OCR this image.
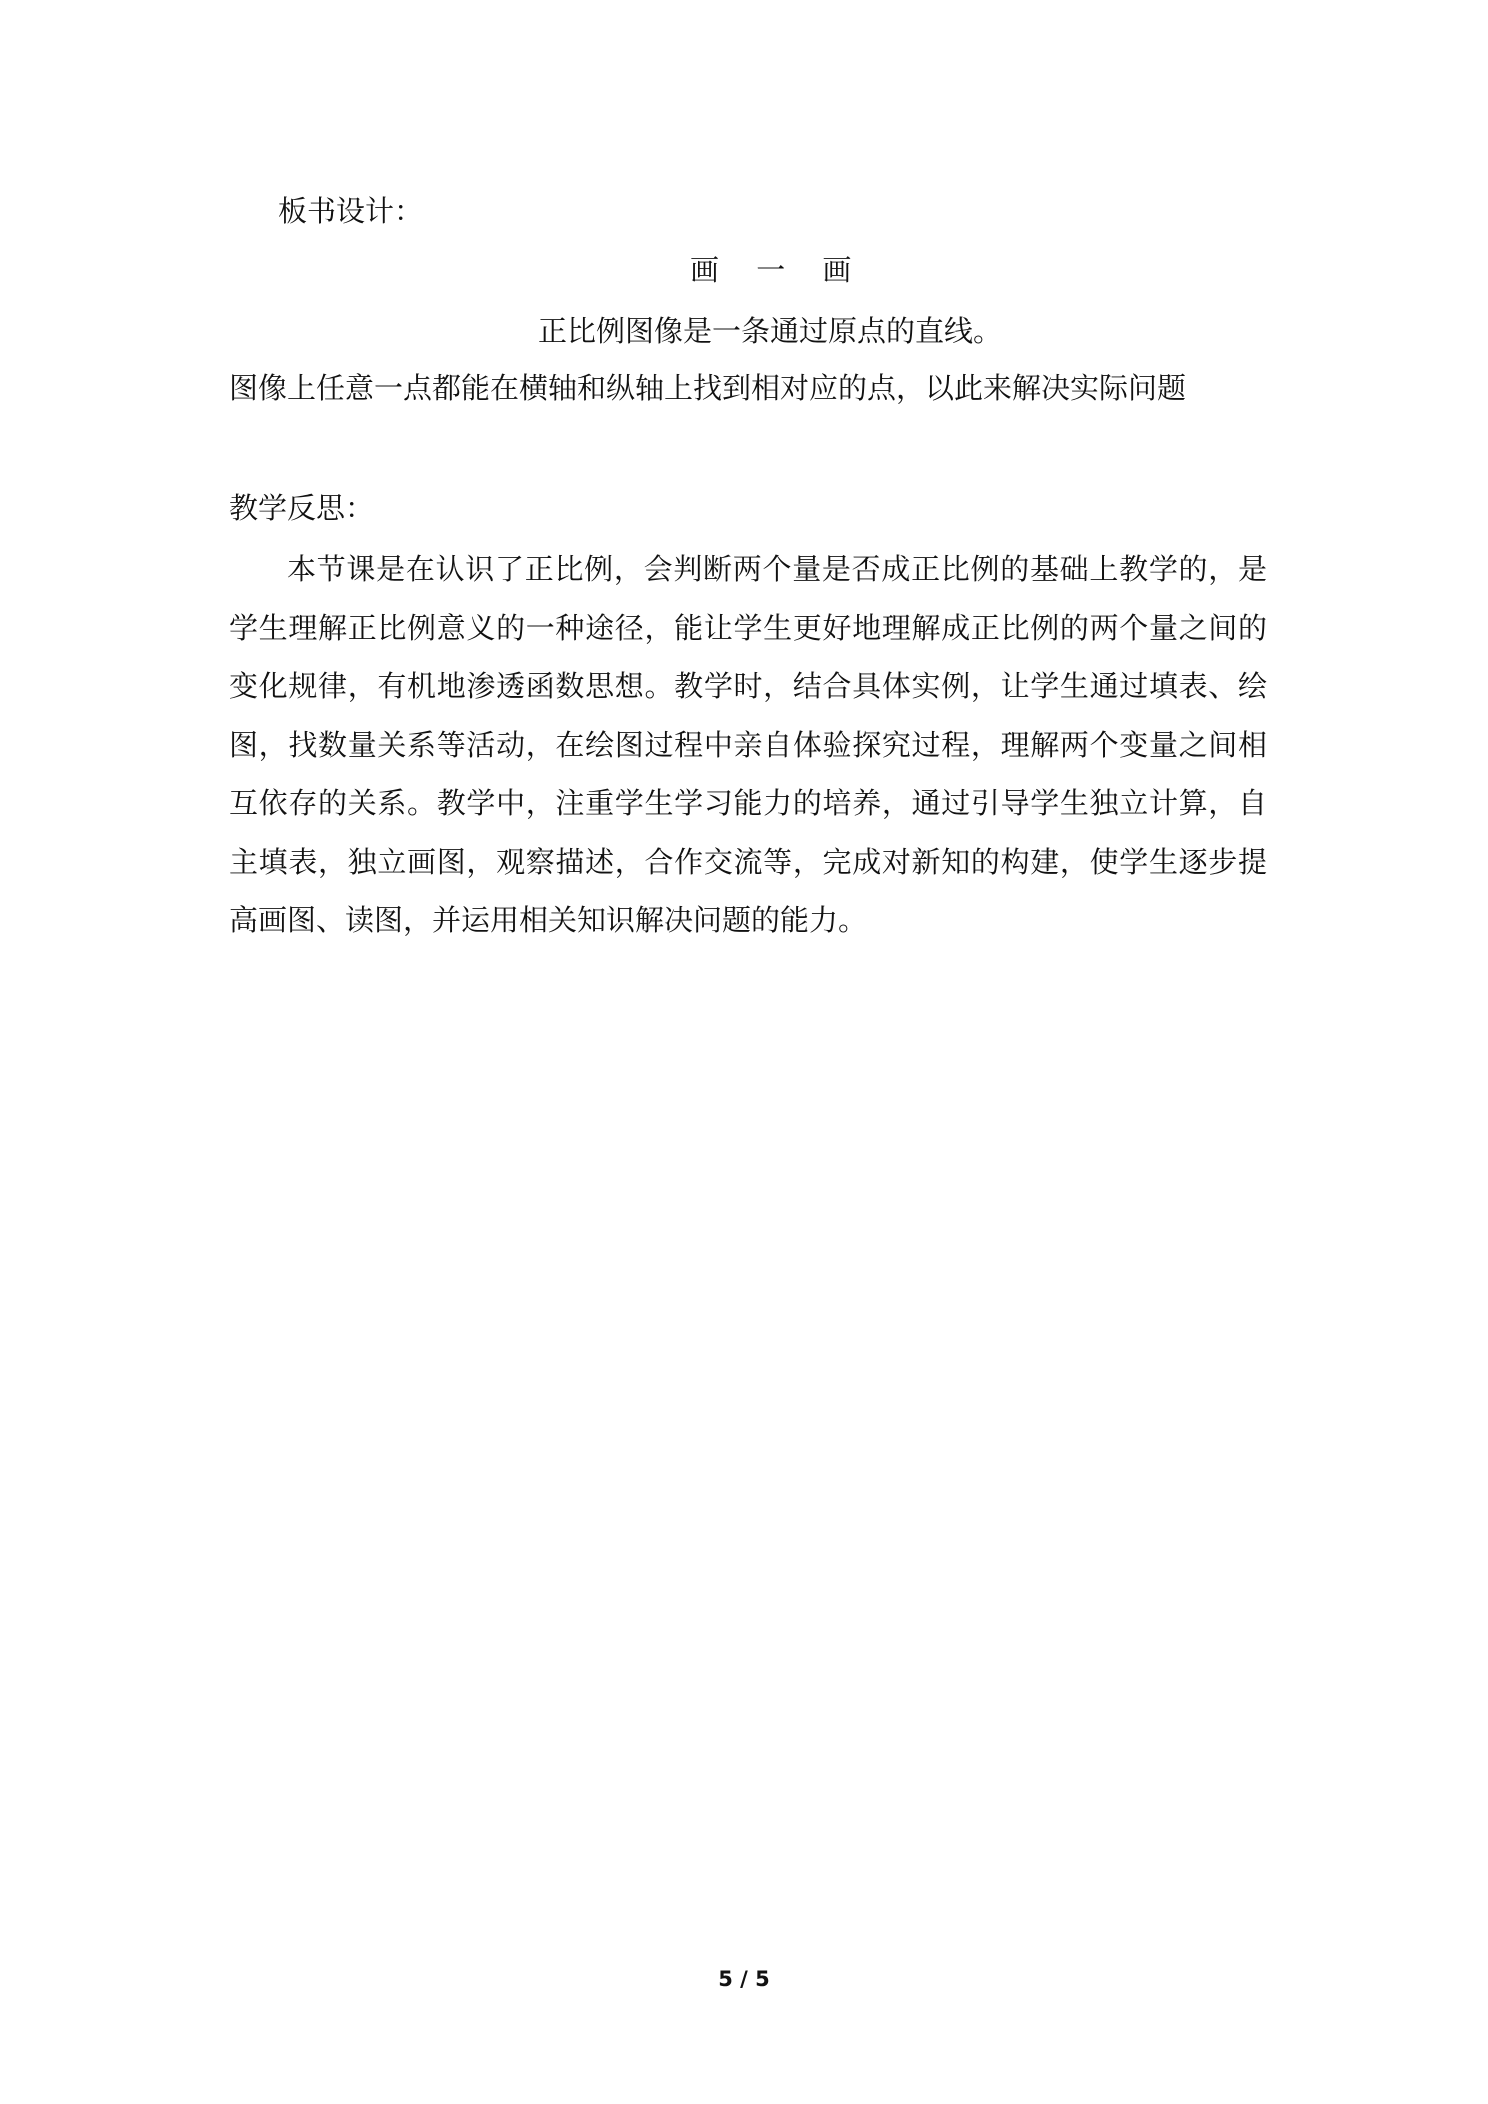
板书设计：
画 一 画
正比例图像是一条通过原点的直线。
图像上任意一点都能在横轴和纵轴上找到相对应的点，以此来解决实际问题
教学反思：
本节课是在认识了正比例，会判断两个量是否成正比例的基础上教学的，是
学生理解正比例意义的一种途径，能让学生更好地理解成正比例的两个量之间的
变化规律，有机地渗透函数思想。教学时，结合具体实例，让学生通过填表、绘
图，找数量关系等活动，在绘图过程中亲自体验探究过程，理解两个变量之间相
互依存的关系。教学中，注重学生学习能力的培养，通过引导学生独立计算，自
主填表，独立画图，观察描述，合作交流等，完成对新知的构建，使学生逐步提
高画图、读图，并运用相关知识解决问题的能力。
5 / 5
